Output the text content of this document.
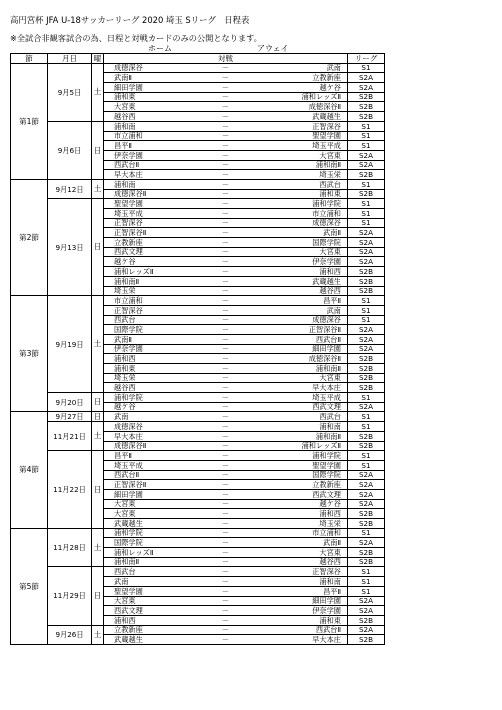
高円宮杯 JFA U-18サッカーリーグ 2020 埼玉 Sリーグ　日程表
※全試合非観客試合の為、日程と対戦カードのみの公開となります。
ホーム	アウェイ
節	月日	曜	対戦			リーグ
第1節	9月5日	土	成徳深谷	－	武南	S1
			武南Ⅱ	－	立教新座	S2A
			細田学園	－	越ケ谷	S2A
			浦和東	－	浦和レッズⅡ	S2B
			大宮東	－	成徳深谷Ⅱ	S2B
			越谷西	－	武蔵越生	S2B
	9月6日	日	浦和南	－	正智深谷	S1
			市立浦和	－	聖望学園	S1
			昌平Ⅱ	－	埼玉平成	S1
			伊奈学園	－	大宮東	S2A
			西武台Ⅱ	－	浦和南Ⅱ	S2A
			早大本庄	－	埼玉栄	S2B
第2節	9月12日	土	浦和南	－	西武台	S1
			成徳深谷Ⅱ	－	浦和東	S2B
	9月13日	日	聖望学園	－	浦和学院	S1
			埼玉平成	－	市立浦和	S1
			正智深谷	－	成徳深谷	S1
			正智深谷Ⅱ	－	武南Ⅱ	S2A
			立教新座	－	国際学院	S2A
			西武文理	－	大宮東	S2A
			越ケ谷	－	伊奈学園	S2A
			浦和レッズⅡ	－	浦和西	S2B
			浦和南Ⅱ	－	武蔵越生	S2B
			埼玉栄	－	越谷西	S2B
第3節	9月19日	土	市立浦和	－	昌平Ⅱ	S1
			正智深谷	－	武南	S1
			西武台	－	成徳深谷	S1
			国際学院	－	正智深谷Ⅱ	S2A
			武南Ⅱ	－	西武台Ⅱ	S2A
			伊奈学園	－	細田学園	S2A
			浦和西	－	成徳深谷Ⅱ	S2B
			浦和東	－	浦和南Ⅱ	S2B
			埼玉栄	－	大宮東	S2B
			越谷西	－	早大本庄	S2B
	9月20日	日	浦和学院	－	埼玉平成	S1
			越ケ谷	－	西武文理	S2A
第4節	9月27日	日	武南	－	西武台	S1
	11月21日	土	成徳深谷	－	浦和南	S1
			早大本庄	－	浦和南Ⅱ	S2B
			成徳深谷Ⅱ	－	浦和レッズⅡ	S2B
	11月22日	日	昌平Ⅱ	－	浦和学院	S1
			埼玉平成	－	聖望学園	S1
			西武台Ⅱ	－	国際学院	S2A
			正智深谷Ⅱ	－	立教新座	S2A
			細田学園	－	西武文理	S2A
			大宮東	－	越ケ谷	S2A
			大宮東	－	浦和西	S2B
			武蔵越生	－	埼玉栄	S2B
第5節	11月28日	土	浦和学院	－	市立浦和	S1
			国際学院	－	武南Ⅱ	S2A
			浦和レッズⅡ	－	大宮東	S2B
			浦和南Ⅱ	－	越谷西	S2B
	11月29日	日	西武台	－	正智深谷	S1
			武南	－	浦和南	S1
			聖望学園	－	昌平Ⅱ	S1
			大宮東	－	細田学園	S2A
			西武文理	－	伊奈学園	S2A
			浦和西	－	浦和東	S2B
	9月26日	土	立教新座	－	西武台Ⅱ	S2A
			武蔵越生	－	早大本庄	S2B
